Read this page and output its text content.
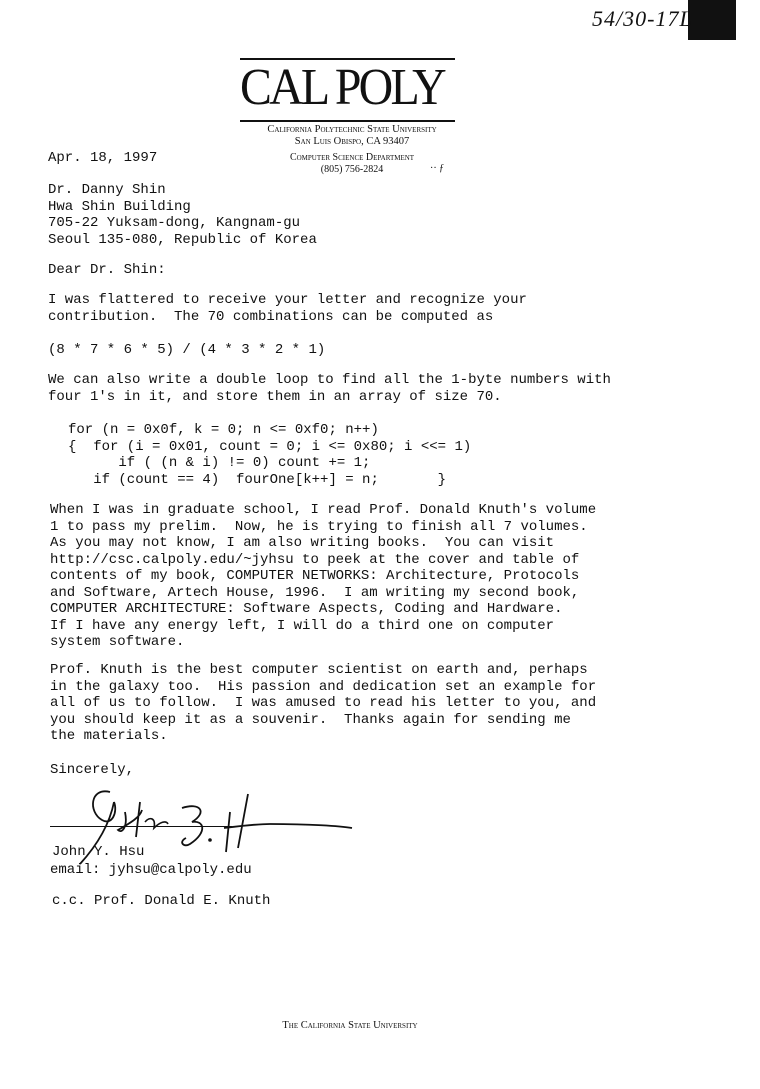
54/30-17L
CAL POLY
California Polytechnic State University
San Luis Obispo, CA 93407
Computer Science Department
(805) 756-2824	·· ƒ
Apr. 18, 1997
Dr. Danny Shin
Hwa Shin Building
705-22 Yuksam-dong, Kangnam-gu
Seoul 135-080, Republic of Korea
Dear Dr. Shin:
I was flattered to receive your letter and recognize your
contribution.  The 70 combinations can be computed as
(8 * 7 * 6 * 5) / (4 * 3 * 2 * 1)
We can also write a double loop to find all the 1-byte numbers with
four 1's in it, and store them in an array of size 70.
for (n = 0x0f, k = 0; n <= 0xf0; n++)
{  for (i = 0x01, count = 0; i <= 0x80; i <<= 1)
if ( (n & i) != 0) count += 1;
if (count == 4)  fourOne[k++] = n;       }
When I was in graduate school, I read Prof. Donald Knuth's volume
1 to pass my prelim.  Now, he is trying to finish all 7 volumes.
As you may not know, I am also writing books.  You can visit
http://csc.calpoly.edu/~jyhsu to peek at the cover and table of
contents of my book, COMPUTER NETWORKS: Architecture, Protocols
and Software, Artech House, 1996.  I am writing my second book,
COMPUTER ARCHITECTURE: Software Aspects, Coding and Hardware.
If I have any energy left, I will do a third one on computer
system software.
Prof. Knuth is the best computer scientist on earth and, perhaps
in the galaxy too.  His passion and dedication set an example for
all of us to follow.  I was amused to read his letter to you, and
you should keep it as a souvenir.  Thanks again for sending me
the materials.
Sincerely,
John Y. Hsu
email: jyhsu@calpoly.edu
c.c. Prof. Donald E. Knuth
The California State University
